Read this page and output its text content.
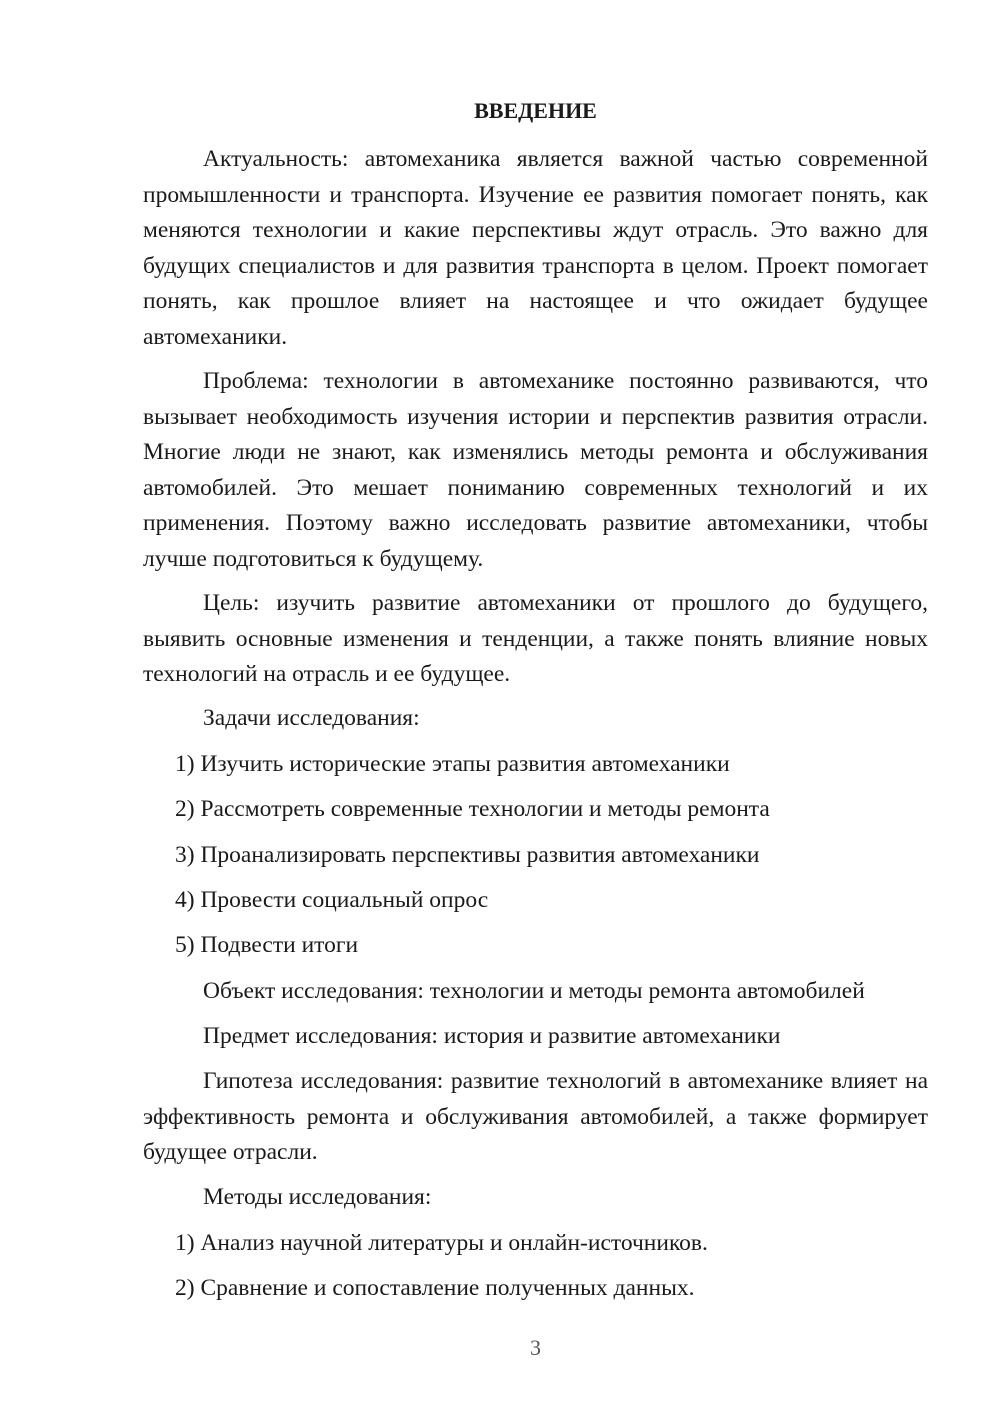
ВВЕДЕНИЕ
Актуальность: автомеханика является важной частью современной промышленности и транспорта. Изучение ее развития помогает понять, как меняются технологии и какие перспективы ждут отрасль. Это важно для будущих специалистов и для развития транспорта в целом. Проект помогает понять, как прошлое влияет на настоящее и что ожидает будущее автомеханики.
Проблема: технологии в автомеханике постоянно развиваются, что вызывает необходимость изучения истории и перспектив развития отрасли. Многие люди не знают, как изменялись методы ремонта и обслуживания автомобилей. Это мешает пониманию современных технологий и их применения. Поэтому важно исследовать развитие автомеханики, чтобы лучше подготовиться к будущему.
Цель: изучить развитие автомеханики от прошлого до будущего, выявить основные изменения и тенденции, а также понять влияние новых технологий на отрасль и ее будущее.
Задачи исследования:
1) Изучить исторические этапы развития автомеханики
2) Рассмотреть современные технологии и методы ремонта
3) Проанализировать перспективы развития автомеханики
4) Провести социальный опрос
5) Подвести итоги
Объект исследования: технологии и методы ремонта автомобилей
Предмет исследования: история и развитие автомеханики
Гипотеза исследования: развитие технологий в автомеханике влияет на эффективность ремонта и обслуживания автомобилей, а также формирует будущее отрасли.
Методы исследования:
1) Анализ научной литературы и онлайн-источников.
2) Сравнение и сопоставление полученных данных.
3
